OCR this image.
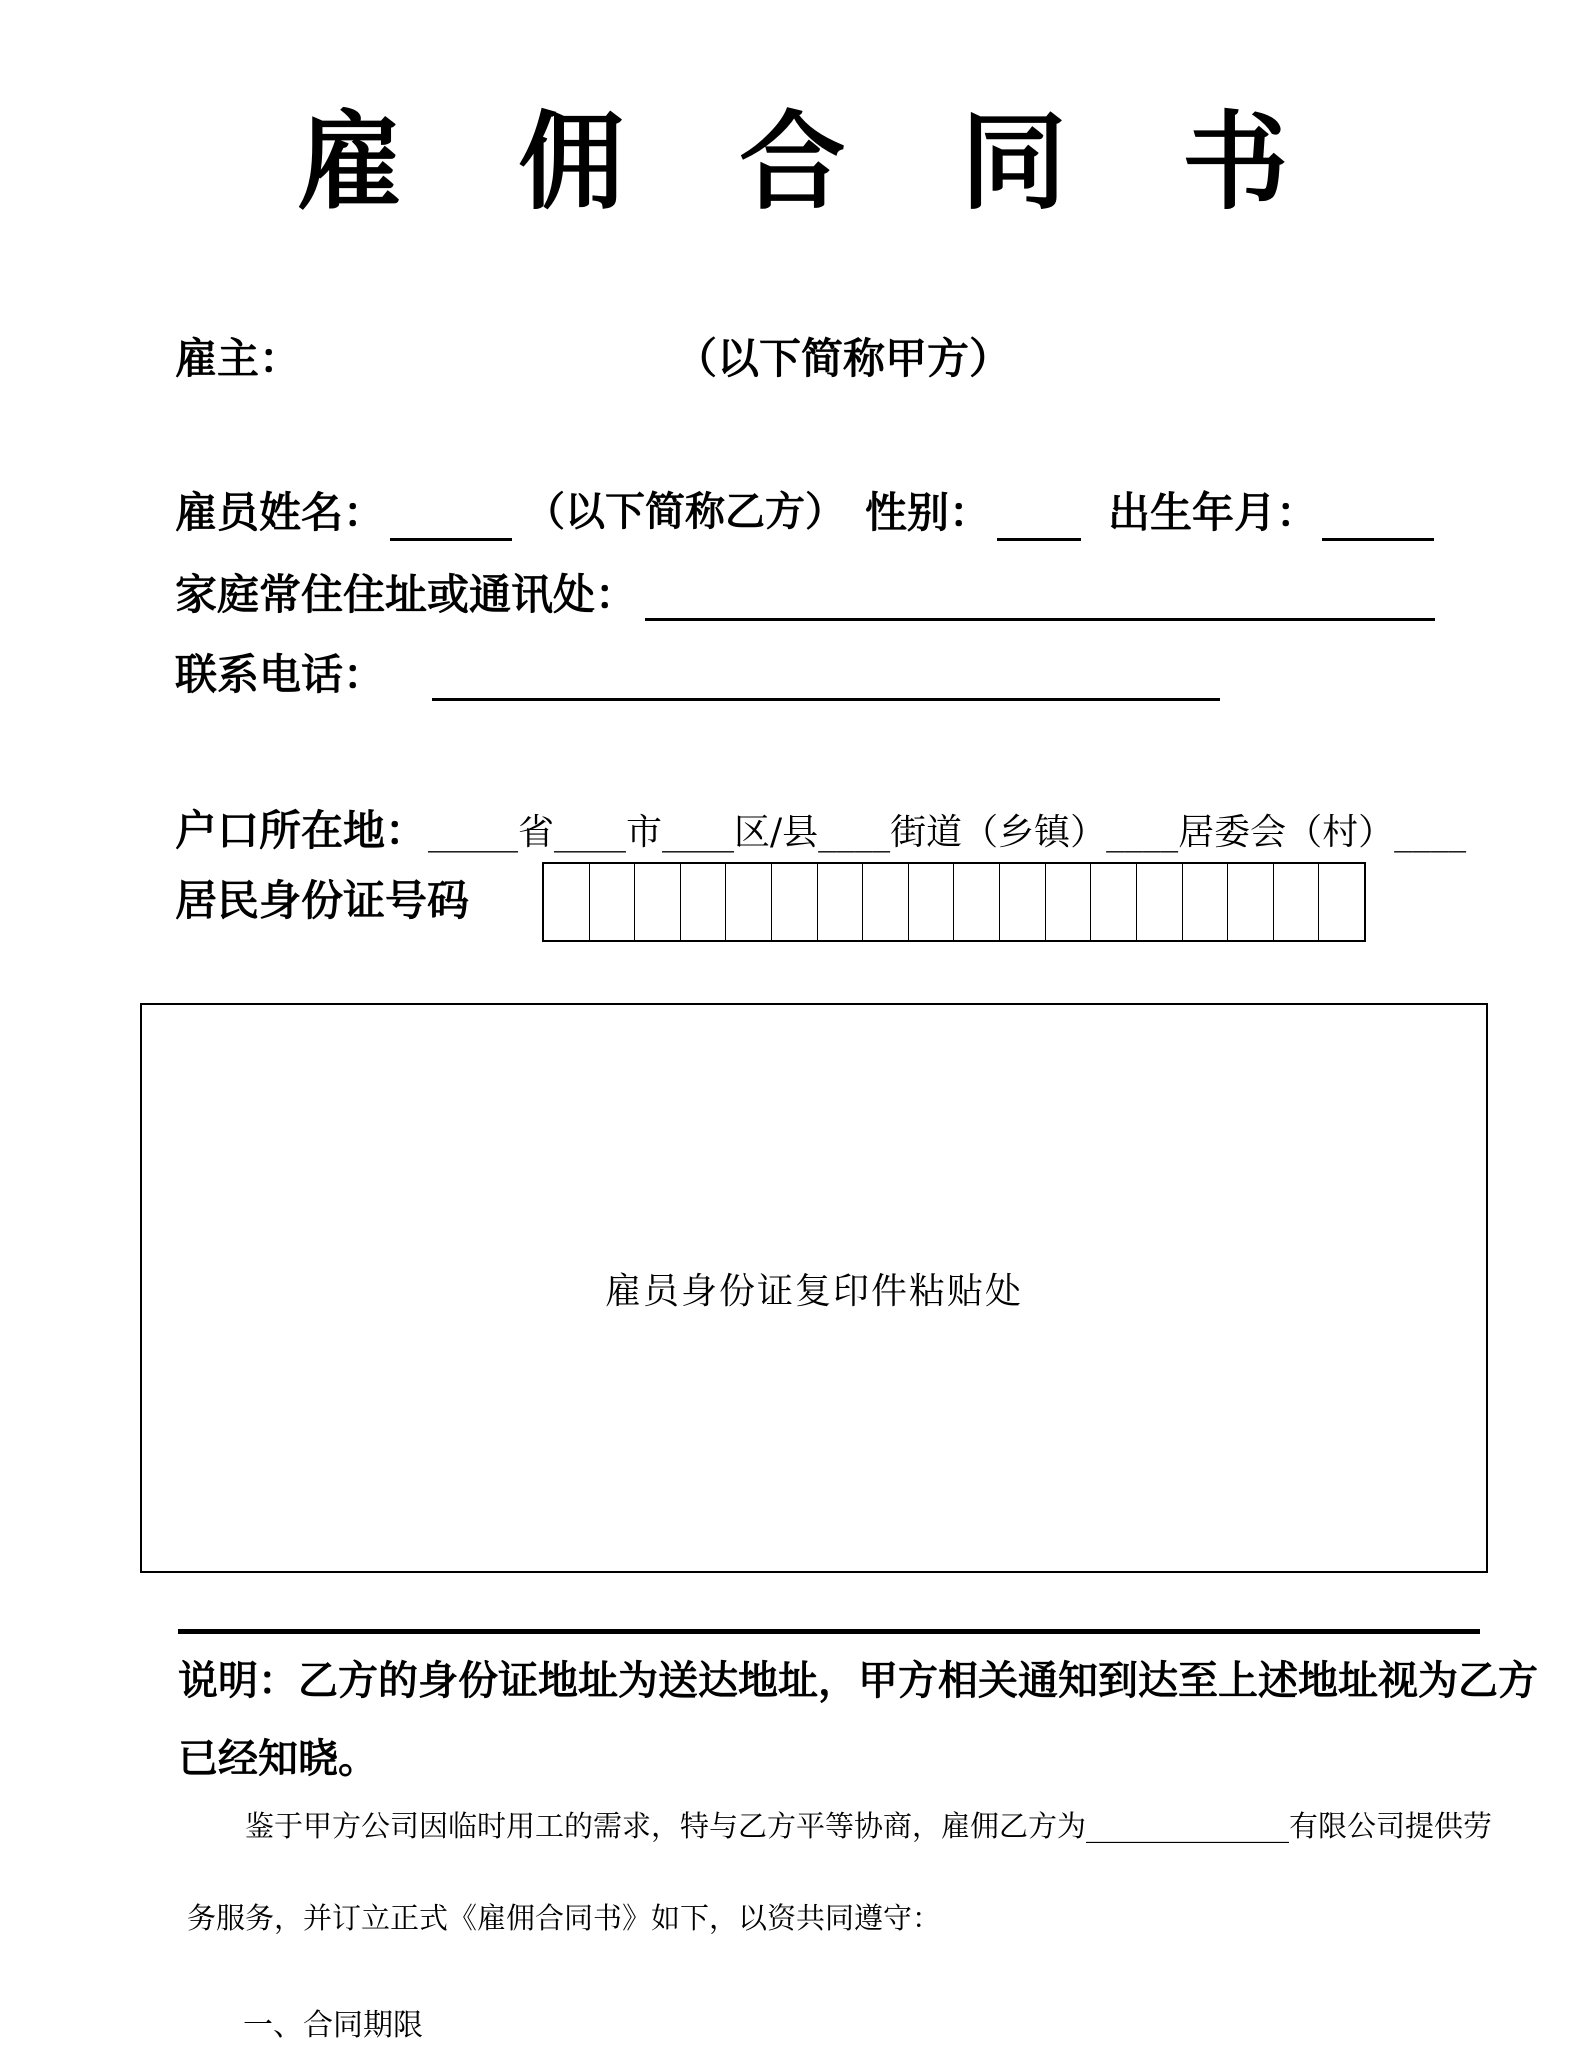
雇 佣 合 同 书
雇主：	（以下简称甲方）
雇员姓名：	（以下简称乙方） 性别：	出生年月：
家庭常住住址或通讯处：
联系电话：
户口所在地： _____省____市____区/县____街道（乡镇）____居委会（村）____
居民身份证号码
雇员身份证复印件粘贴处
说明：乙方的身份证地址为送达地址，甲方相关通知到达至上述地址视为乙方
已经知晓。
鉴于甲方公司因临时用工的需求，特与乙方平等协商，雇佣乙方为______________有限公司提供劳
务服务，并订立正式《雇佣合同书》如下，以资共同遵守：
一、合同期限
